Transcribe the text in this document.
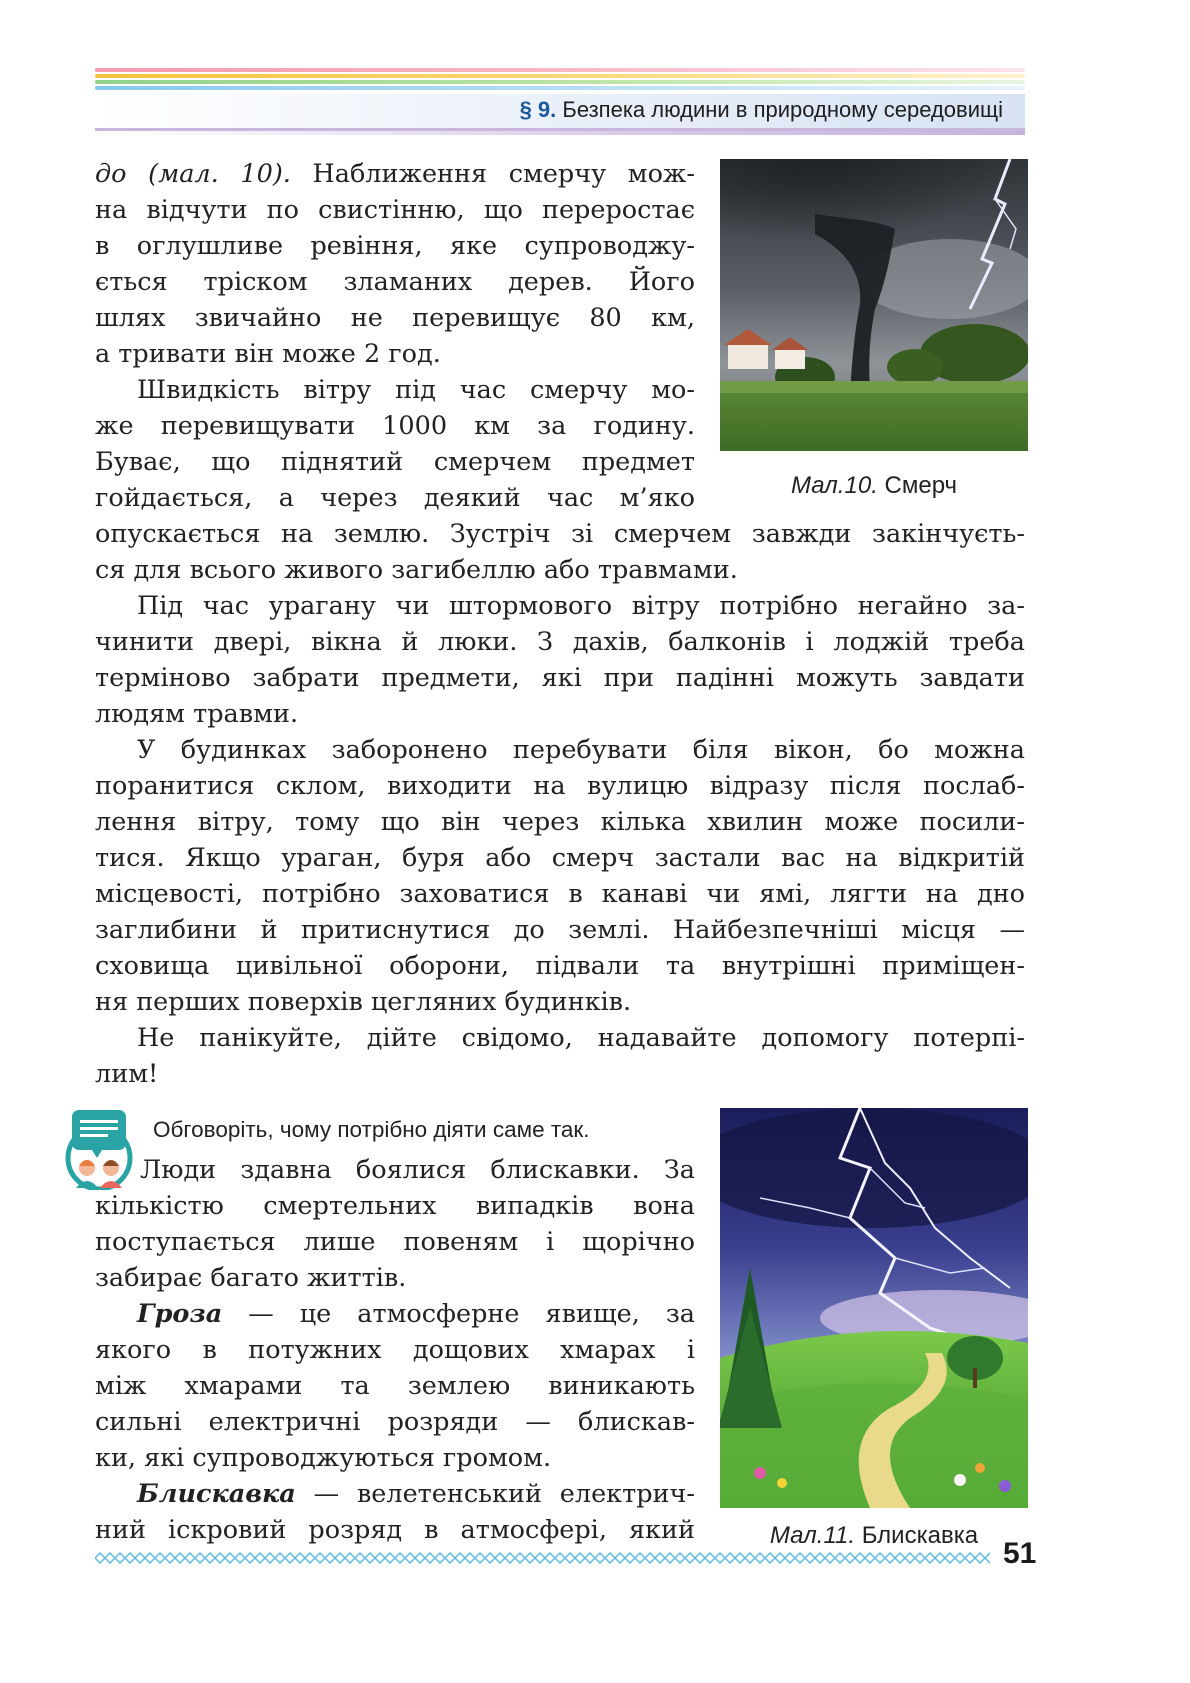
§ 9. Безпека людини в природному середовищі
до (мал. 10). Наближення смерчу мож-
на відчути по свистінню, що переростає
в оглушливе ревіння, яке супроводжу-
ється тріском зламаних дерев. Його
шлях звичайно не перевищує 80 км,
а тривати він може 2 год.
Швидкість вітру під час смерчу мо-
же перевищувати 1000 км за годину.
Буває, що піднятий смерчем предмет
гойдається, а через деякий час м’яко	Мал.10. Смерч
опускається на землю. Зустріч зі смерчем завжди закінчуєть-
ся для всього живого загибеллю або травмами.
Під час урагану чи штормового вітру потрібно негайно за-
чинити двері, вікна й люки. З дахів, балконів і лоджій треба
терміново забрати предмети, які при падінні можуть завдати
людям травми.
У будинках заборонено перебувати біля вікон, бо можна
поранитися склом, виходити на вулицю відразу після послаб-
лення вітру, тому що він через кілька хвилин може посили-
тися. Якщо ураган, буря або смерч застали вас на відкритій
місцевості, потрібно заховатися в канаві чи ямі, лягти на дно
заглибини й притиснутися до землі. Найбезпечніші місця —
сховища цивільної оборони, підвали та внутрішні приміщен-
ня перших поверхів цегляних будинків.
Не панікуйте, дійте свідомо, надавайте допомогу потерпі-
лим!
Обговоріть, чому потрібно діяти саме так.
Люди здавна боялися блискавки. За
кількістю смертельних випадків вона
поступається лише повеням і щорічно
забирає багато життів.
Гроза — це атмосферне явище, за
якого в потужних дощових хмарах і
між хмарами та землею виникають
сильні електричні розряди — блискав-
ки, які супроводжуються громом.
Блискавка — велетенський електрич-
ний іскровий розряд в атмосфері, який	Мал.11. Блискавка
51
